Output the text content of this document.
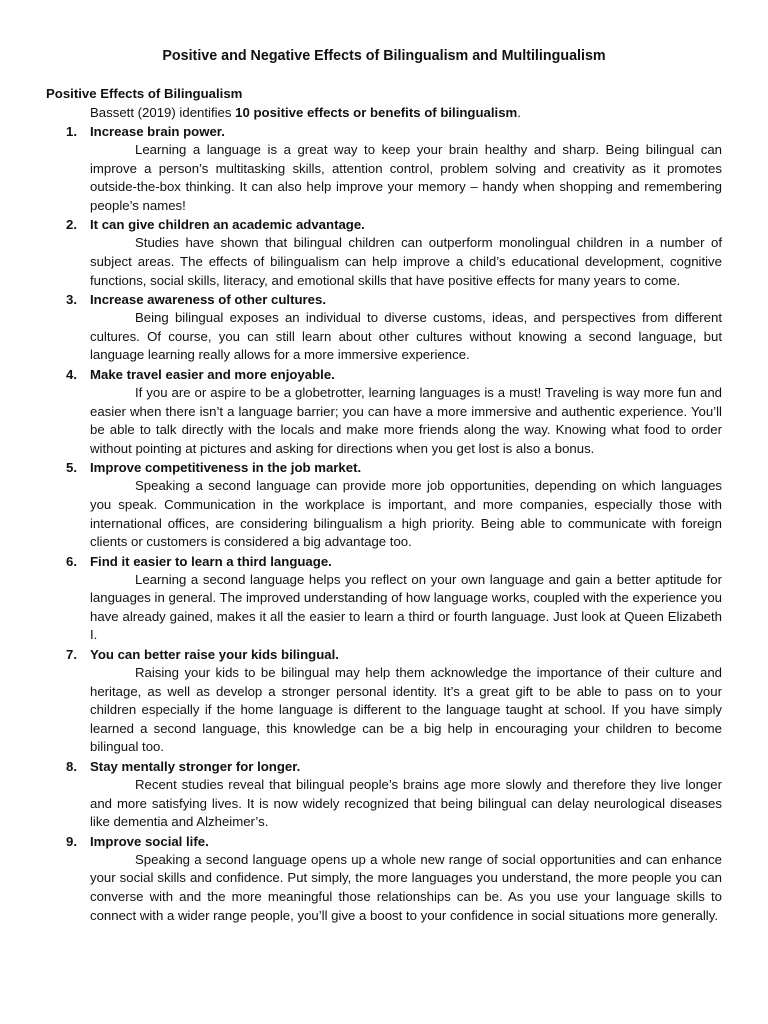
Positive and Negative Effects of Bilingualism and Multilingualism
Positive Effects of Bilingualism

Bassett (2019) identifies 10 positive effects or benefits of bilingualism.

1. Increase brain power.

Learning a language is a great way to keep your brain healthy and sharp. Being bilingual can improve a person’s multitasking skills, attention control, problem solving and creativity as it promotes outside-the-box thinking. It can also help improve your memory – handy when shopping and remembering people’s names!

2. It can give children an academic advantage.

Studies have shown that bilingual children can outperform monolingual children in a number of subject areas. The effects of bilingualism can help improve a child’s educational development, cognitive functions, social skills, literacy, and emotional skills that have positive effects for many years to come.

3. Increase awareness of other cultures.

Being bilingual exposes an individual to diverse customs, ideas, and perspectives from different cultures. Of course, you can still learn about other cultures without knowing a second language, but language learning really allows for a more immersive experience.

4. Make travel easier and more enjoyable.

If you are or aspire to be a globetrotter, learning languages is a must! Traveling is way more fun and easier when there isn’t a language barrier; you can have a more immersive and authentic experience. You’ll be able to talk directly with the locals and make more friends along the way. Knowing what food to order without pointing at pictures and asking for directions when you get lost is also a bonus.

5. Improve competitiveness in the job market.

Speaking a second language can provide more job opportunities, depending on which languages you speak. Communication in the workplace is important, and more companies, especially those with international offices, are considering bilingualism a high priority. Being able to communicate with foreign clients or customers is considered a big advantage too.

6. Find it easier to learn a third language.

Learning a second language helps you reflect on your own language and gain a better aptitude for languages in general. The improved understanding of how language works, coupled with the experience you have already gained, makes it all the easier to learn a third or fourth language. Just look at Queen Elizabeth I.

7. You can better raise your kids bilingual.

Raising your kids to be bilingual may help them acknowledge the importance of their culture and heritage, as well as develop a stronger personal identity. It’s a great gift to be able to pass on to your children especially if the home language is different to the language taught at school. If you have simply learned a second language, this knowledge can be a big help in encouraging your children to become bilingual too.

8. Stay mentally stronger for longer.

Recent studies reveal that bilingual people’s brains age more slowly and therefore they live longer and more satisfying lives. It is now widely recognized that being bilingual can delay neurological diseases like dementia and Alzheimer’s.

9. Improve social life.

Speaking a second language opens up a whole new range of social opportunities and can enhance your social skills and confidence. Put simply, the more languages you understand, the more people you can converse with and the more meaningful those relationships can be. As you use your language skills to connect with a wider range people, you’ll give a boost to your confidence in social situations more generally.
